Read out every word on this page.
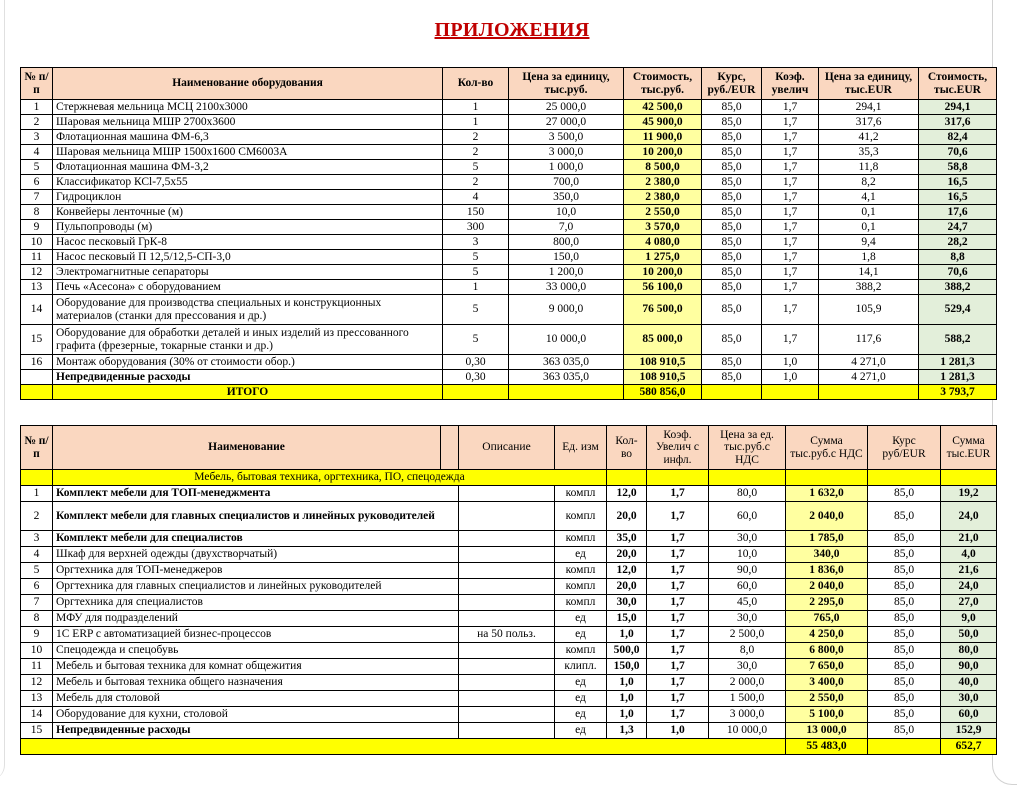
ПРИЛОЖЕНИЯ
№ п/п	Наименование оборудования	Кол-во	Цена за единицу, тыс.руб.	Стоимость, тыс.руб.	Курс, руб./EUR	Коэф. увелич	Цена за единицу, тыс.EUR	Стоимость, тыс.EUR
1	Стержневая мельница МСЦ 2100х3000	1	25 000,0	42 500,0	85,0	1,7	294,1	294,1
2	Шаровая мельница МШР 2700х3600	1	27 000,0	45 900,0	85,0	1,7	317,6	317,6
3	Флотационная машина ФМ-6,3	2	3 500,0	11 900,0	85,0	1,7	41,2	82,4
4	Шаровая мельница МШР 1500х1600 СМ6003А	2	3 000,0	10 200,0	85,0	1,7	35,3	70,6
5	Флотационная машина ФМ-3,2	5	1 000,0	8 500,0	85,0	1,7	11,8	58,8
6	Классификатор КСl-7,5х55	2	700,0	2 380,0	85,0	1,7	8,2	16,5
7	Гидроциклон	4	350,0	2 380,0	85,0	1,7	4,1	16,5
8	Конвейеры ленточные (м)	150	10,0	2 550,0	85,0	1,7	0,1	17,6
9	Пульпопроводы (м)	300	7,0	3 570,0	85,0	1,7	0,1	24,7
10	Насос песковый ГрК-8	3	800,0	4 080,0	85,0	1,7	9,4	28,2
11	Насос песковый П 12,5/12,5-СП-3,0	5	150,0	1 275,0	85,0	1,7	1,8	8,8
12	Электромагнитные сепараторы	5	1 200,0	10 200,0	85,0	1,7	14,1	70,6
13	Печь «Асесона» с оборудованием	1	33 000,0	56 100,0	85,0	1,7	388,2	388,2
14	Оборудование для производства специальных и конструкционных материалов (станки для прессования и др.)	5	9 000,0	76 500,0	85,0	1,7	105,9	529,4
15	Оборудование для обработки деталей и иных изделий из прессованного графита (фрезерные, токарные станки и др.)	5	10 000,0	85 000,0	85,0	1,7	117,6	588,2
16	Монтаж оборудования (30% от стоимости обор.)	0,30	363 035,0	108 910,5	85,0	1,0	4 271,0	1 281,3
	Непредвиденные расходы	0,30	363 035,0	108 910,5	85,0	1,0	4 271,0	1 281,3
	ИТОГО			580 856,0				3 793,7
№ п/п	Наименование		Описание	Ед. изм	Кол-во	Коэф. Увелич с инфл.	Цена за ед. тыс.руб.с НДС	Сумма тыс.руб.с НДС	Курс руб/EUR	Сумма тыс.EUR
	Мебель, бытовая техника, оргтехника, ПО, спецодежда									
1	Комплект мебели для ТОП-менеджмента			компл	12,0	1,7	80,0	1 632,0	85,0	19,2
2	Комплект мебели для главных специалистов и линейных руководителей			компл	20,0	1,7	60,0	2 040,0	85,0	24,0
3	Комплект мебели для специалистов			компл	35,0	1,7	30,0	1 785,0	85,0	21,0
4	Шкаф для верхней одежды (двухстворчатый)			ед	20,0	1,7	10,0	340,0	85,0	4,0
5	Оргтехника для ТОП-менеджеров			компл	12,0	1,7	90,0	1 836,0	85,0	21,6
6	Оргтехника для главных специалистов и линейных руководителей			компл	20,0	1,7	60,0	2 040,0	85,0	24,0
7	Оргтехника для специалистов			компл	30,0	1,7	45,0	2 295,0	85,0	27,0
8	МФУ для подразделений			ед	15,0	1,7	30,0	765,0	85,0	9,0
9	1С ERP с автоматизацией бизнес-процессов		на 50 польз.	ед	1,0	1,7	2 500,0	4 250,0	85,0	50,0
10	Спецодежда и спецобувь			компл	500,0	1,7	8,0	6 800,0	85,0	80,0
11	Мебель и бытовая техника для комнат общежития			клипл.	150,0	1,7	30,0	7 650,0	85,0	90,0
12	Мебель и бытовая техника общего назначения			ед	1,0	1,7	2 000,0	3 400,0	85,0	40,0
13	Мебель для столовой			ед	1,0	1,7	1 500,0	2 550,0	85,0	30,0
14	Оборудование для кухни, столовой			ед	1,0	1,7	3 000,0	5 100,0	85,0	60,0
15	Непредвиденные расходы			ед	1,3	1,0	10 000,0	13 000,0	85,0	152,9
								55 483,0		652,7
